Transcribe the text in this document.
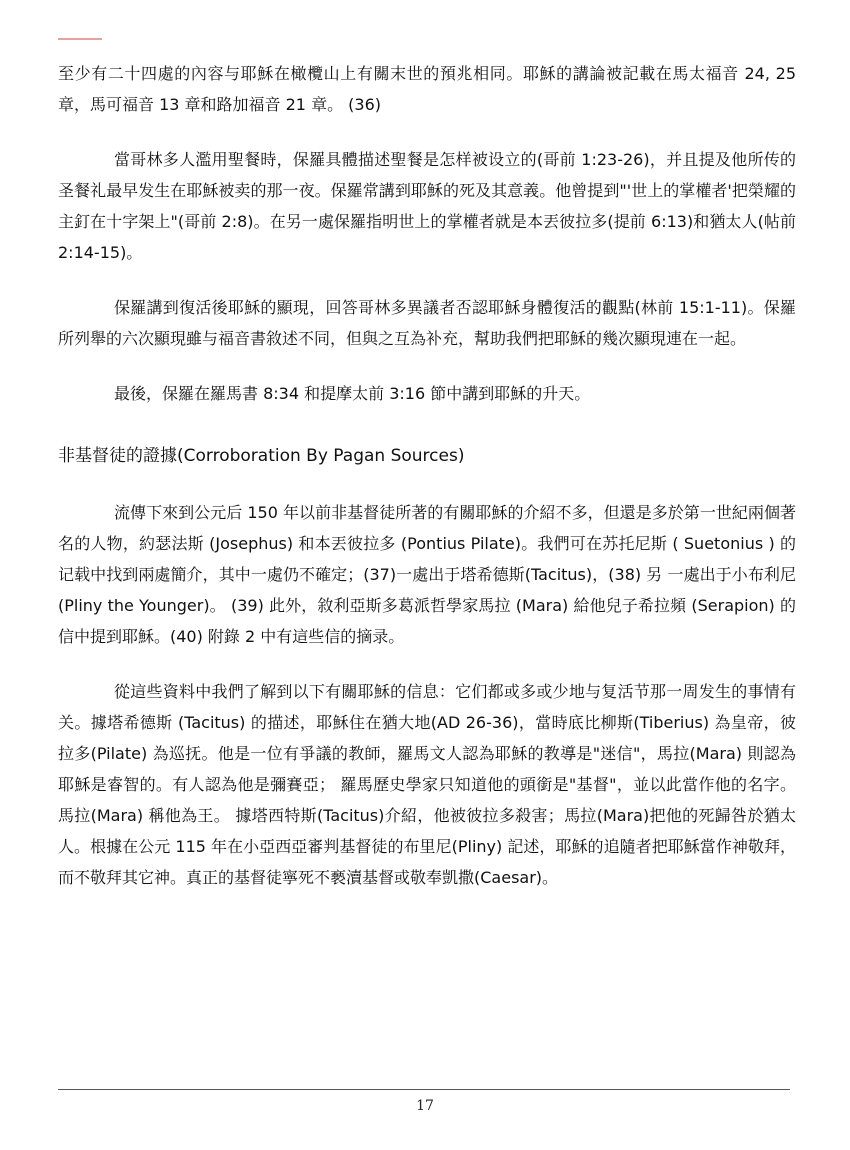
至少有二十四處的內容与耶穌在橄欖山上有關末世的預兆相同。耶穌的講論被記載在馬太福音 24, 25 章，馬可福音 13 章和路加福音 21 章。 (36)

當哥林多人濫用聖餐時，保羅具體描述聖餐是怎样被设立的(哥前 1:23-26)，并且提及他所传的圣餐礼最早发生在耶穌被卖的那一夜。保羅常講到耶穌的死及其意義。他曾提到"'世上的掌權者'把榮耀的主釘在十字架上"(哥前 2:8)。在另一處保羅指明世上的掌權者就是本丟彼拉多(提前 6:13)和猶太人(帖前 2:14-15)。

保羅講到復活後耶穌的顯現，回答哥林多異議者否認耶穌身體復活的觀點(林前 15:1-11)。保羅所列舉的六次顯現雖与福音書敘述不同，但與之互為补充，幫助我們把耶穌的幾次顯現連在一起。

最後，保羅在羅馬書 8:34 和提摩太前 3:16 節中講到耶穌的升天。

非基督徒的證據(Corroboration By Pagan Sources)

流傳下來到公元后 150 年以前非基督徒所著的有關耶穌的介紹不多，但還是多於第一世紀兩個著名的人物，約瑟法斯 (Josephus) 和本丟彼拉多 (Pontius Pilate)。我們可在苏托尼斯 ( Suetonius ) 的记载中找到兩處簡介，其中一處仍不確定；(37)一處出于塔希德斯(Tacitus)，(38) 另 一處出于小布利尼 (Pliny the Younger)。 (39) 此外，敘利亞斯多葛派哲學家馬拉 (Mara) 給他兒子希拉頻 (Serapion) 的信中提到耶穌。(40) 附錄 2 中有這些信的摘录。

從這些資料中我們了解到以下有關耶穌的信息：它们都或多或少地与复活节那一周发生的事情有关。據塔希德斯 (Tacitus) 的描述，耶穌住在猶大地(AD 26-36)，當時底比柳斯(Tiberius) 為皇帝，彼拉多(Pilate) 為巡抚。他是一位有爭議的教師，羅馬文人認為耶穌的教導是"迷信"，馬拉(Mara) 則認為耶穌是睿智的。有人認為他是彌賽亞； 羅馬歷史學家只知道他的頭銜是"基督"，並以此當作他的名字。馬拉(Mara) 稱他為王。 據塔西特斯(Tacitus)介紹，他被彼拉多殺害；馬拉(Mara)把他的死歸咎於猶太人。根據在公元 115 年在小亞西亞審判基督徒的布里尼(Pliny) 記述，耶穌的追隨者把耶穌當作神敬拜，而不敬拜其它神。真正的基督徒寧死不褻瀆基督或敬奉凱撒(Caesar)。

17
